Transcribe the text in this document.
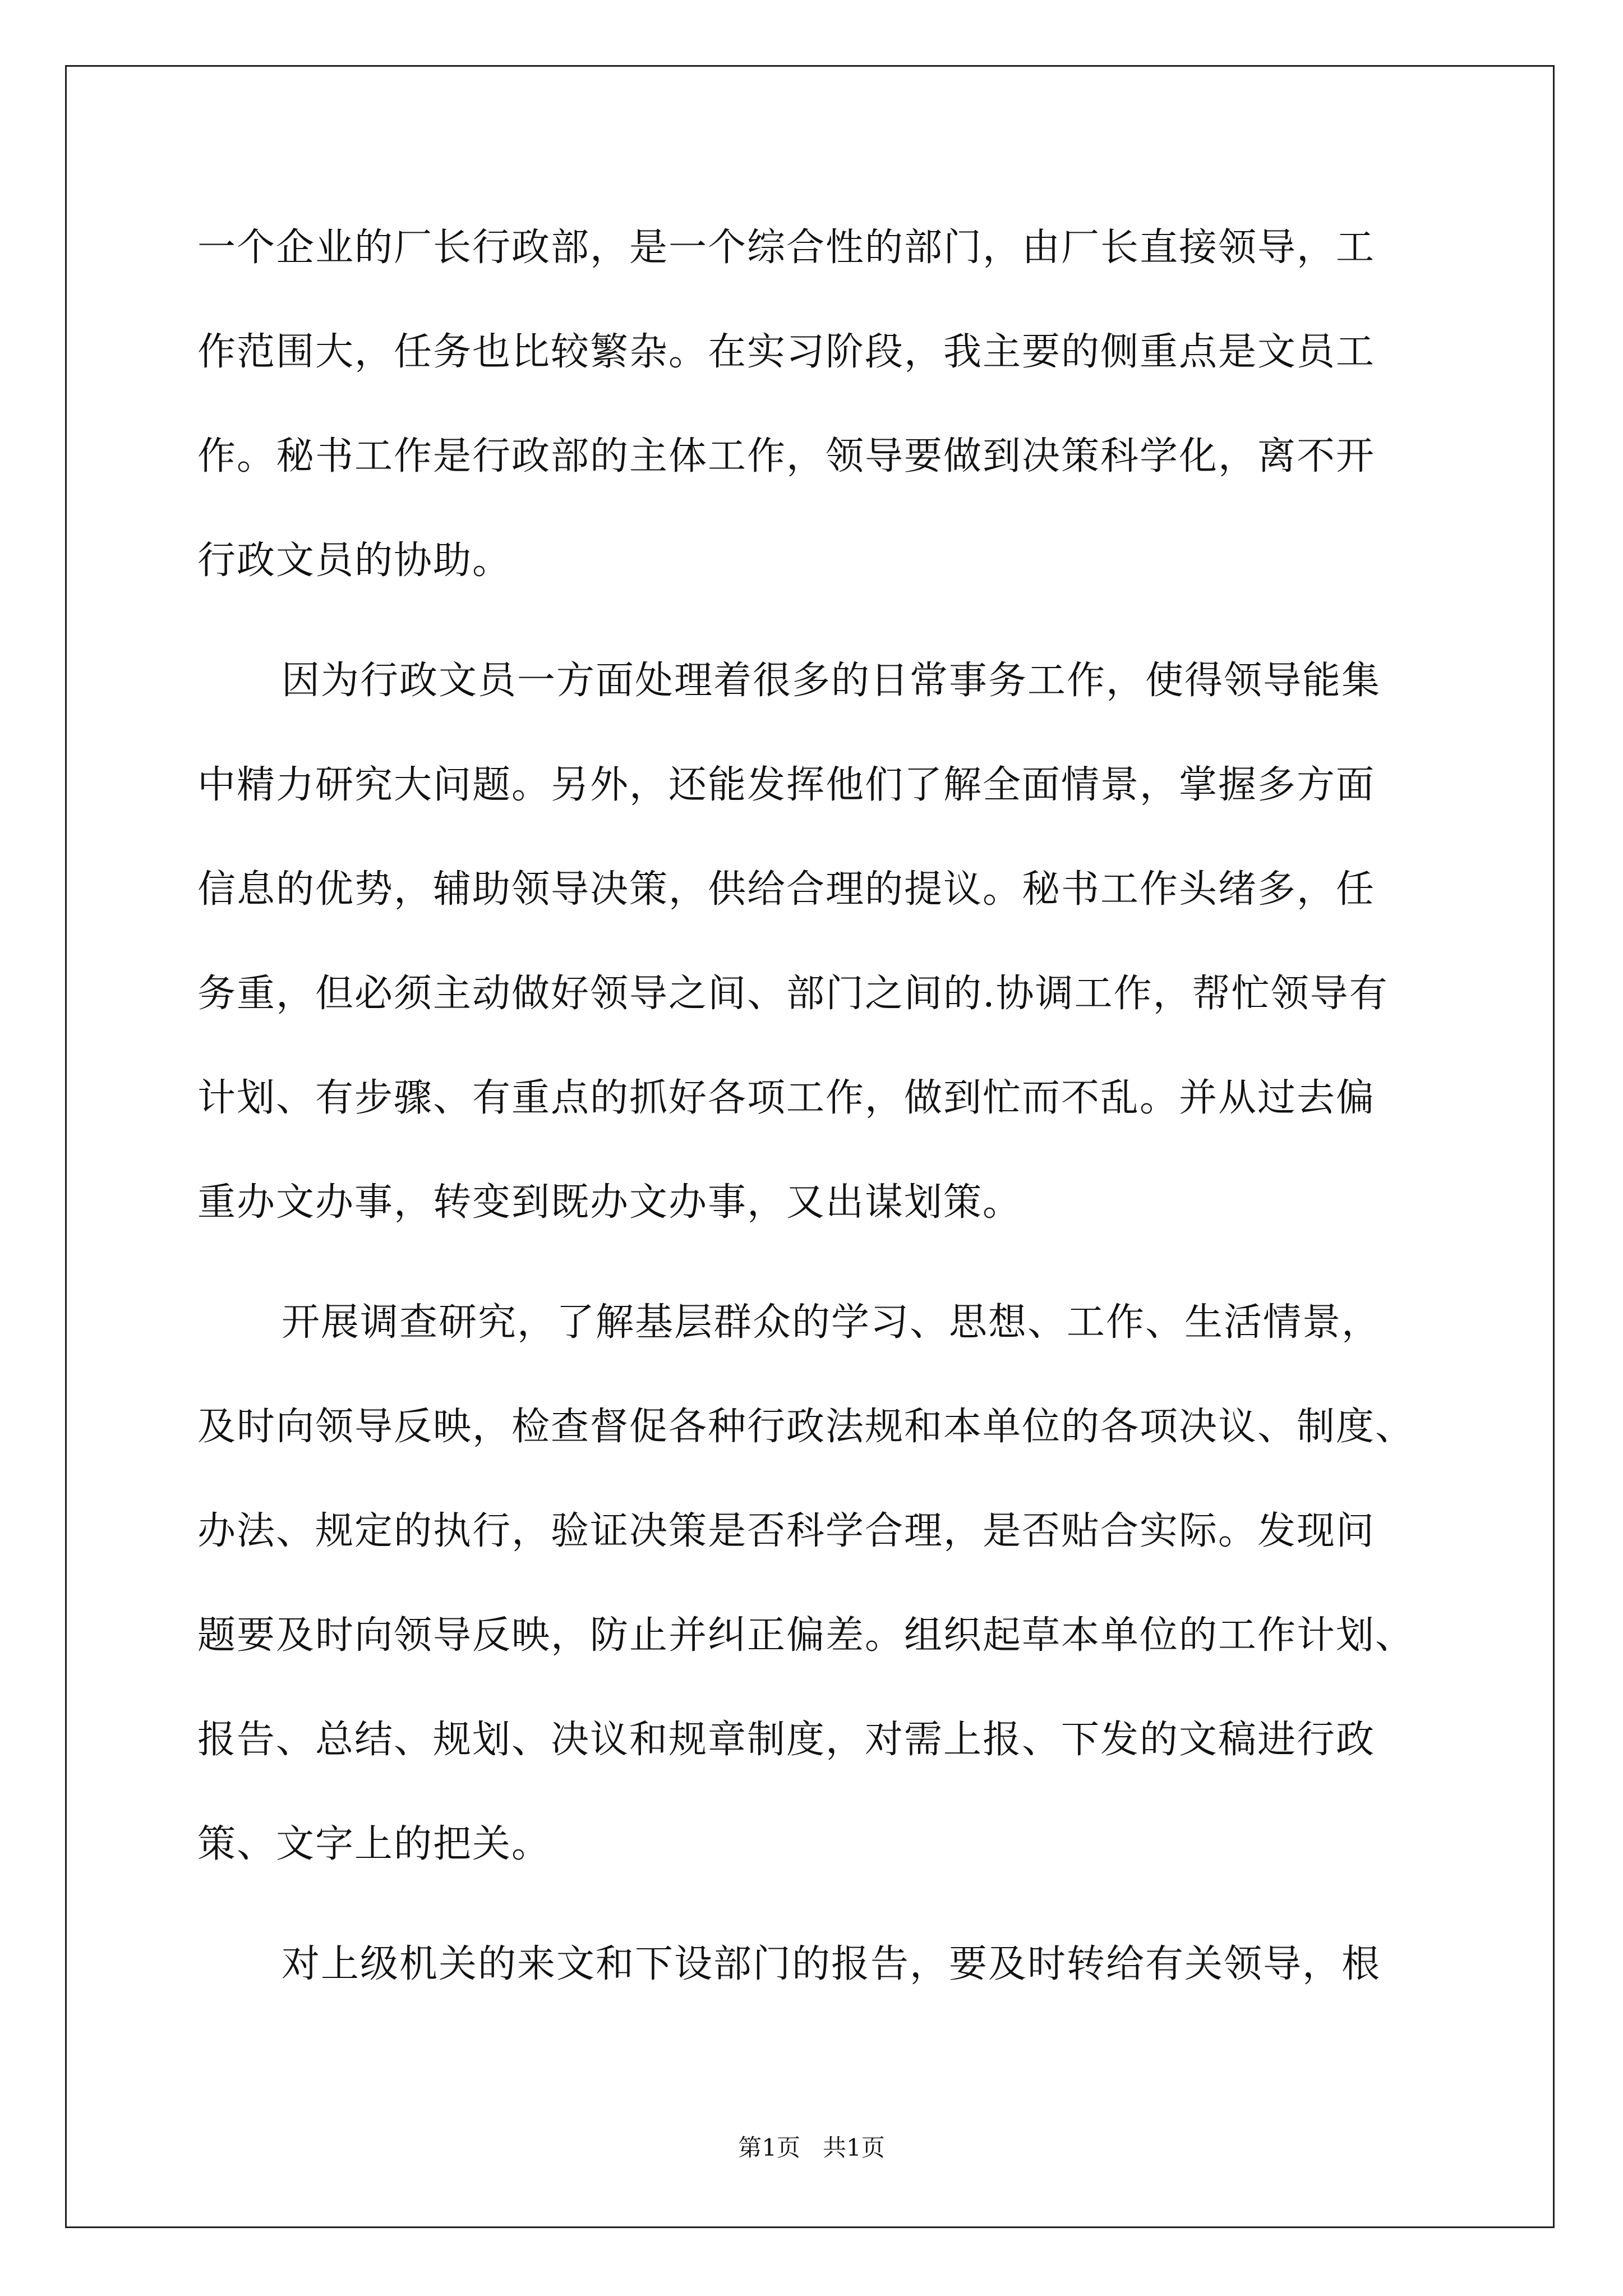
一个企业的厂长行政部，是一个综合性的部门，由厂长直接领导，工
作范围大，任务也比较繁杂。在实习阶段，我主要的侧重点是文员工
作。秘书工作是行政部的主体工作，领导要做到决策科学化，离不开
行政文员的协助。
因为行政文员一方面处理着很多的日常事务工作，使得领导能集
中精力研究大问题。另外，还能发挥他们了解全面情景，掌握多方面
信息的优势，辅助领导决策，供给合理的提议。秘书工作头绪多，任
务重，但必须主动做好领导之间、部门之间的.协调工作，帮忙领导有
计划、有步骤、有重点的抓好各项工作，做到忙而不乱。并从过去偏
重办文办事，转变到既办文办事，又出谋划策。
开展调查研究，了解基层群众的学习、思想、工作、生活情景，
及时向领导反映，检查督促各种行政法规和本单位的各项决议、制度、
办法、规定的执行，验证决策是否科学合理，是否贴合实际。发现问
题要及时向领导反映，防止并纠正偏差。组织起草本单位的工作计划、
报告、总结、规划、决议和规章制度，对需上报、下发的文稿进行政
策、文字上的把关。
对上级机关的来文和下设部门的报告，要及时转给有关领导，根
第1页   共1页
